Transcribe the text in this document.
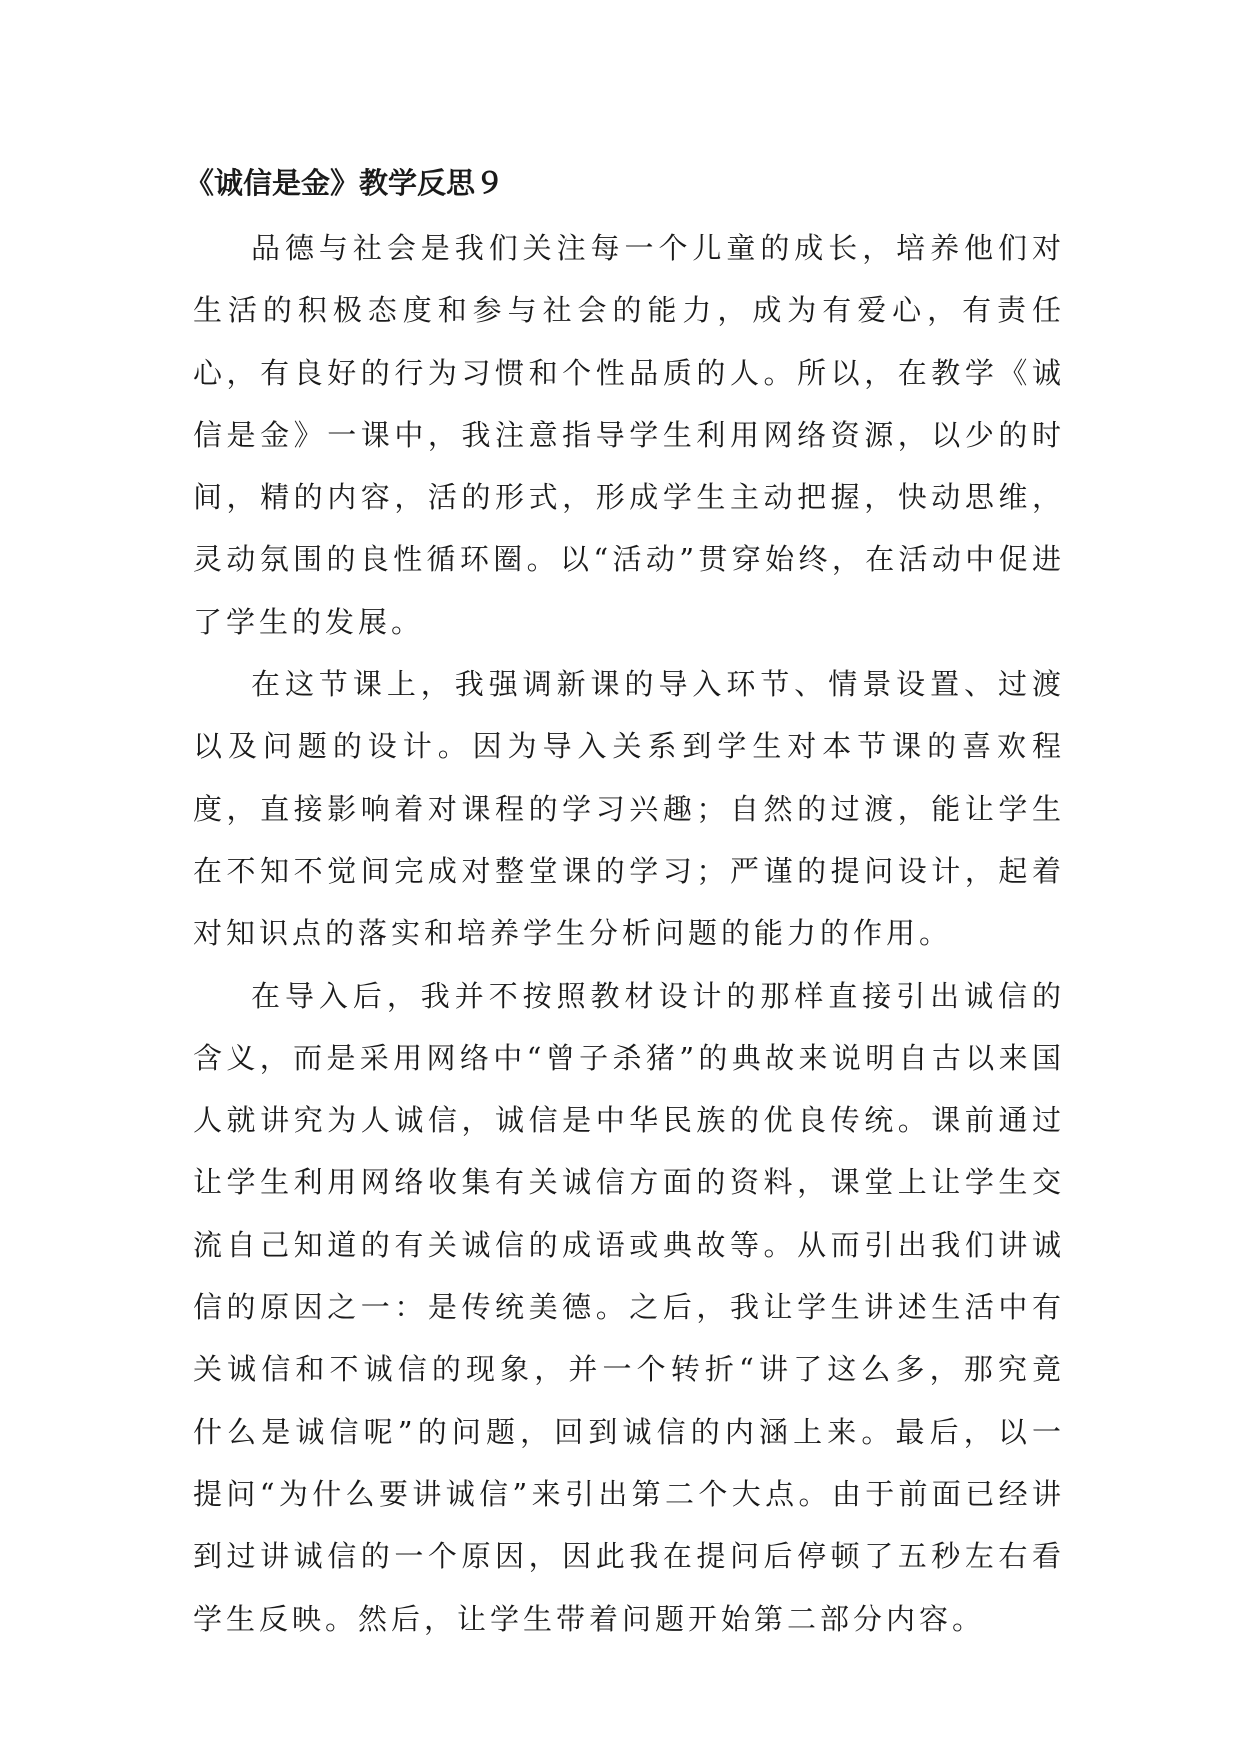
《诚信是金》教学反思９

品德与社会是我们关注每一个儿童的成长，培养他们对生活的积极态度和参与社会的能力，成为有爱心，有责任心，有良好的行为习惯和个性品质的人。所以，在教学《诚信是金》一课中，我注意指导学生利用网络资源，以少的时间，精的内容，活的形式，形成学生主动把握，快动思维，灵动氛围的良性循环圈。以“活动”贯穿始终，在活动中促进了学生的发展。

在这节课上，我强调新课的导入环节、情景设置、过渡以及问题的设计。因为导入关系到学生对本节课的喜欢程度，直接影响着对课程的学习兴趣；自然的过渡，能让学生在不知不觉间完成对整堂课的学习；严谨的提问设计，起着对知识点的落实和培养学生分析问题的能力的作用。

在导入后，我并不按照教材设计的那样直接引出诚信的含义，而是采用网络中“曾子杀猪”的典故来说明自古以来国人就讲究为人诚信，诚信是中华民族的优良传统。课前通过让学生利用网络收集有关诚信方面的资料，课堂上让学生交流自己知道的有关诚信的成语或典故等。从而引出我们讲诚信的原因之一：是传统美德。之后，我让学生讲述生活中有关诚信和不诚信的现象，并一个转折“讲了这么多，那究竟什么是诚信呢”的问题，回到诚信的内涵上来。最后，以一提问“为什么要讲诚信”来引出第二个大点。由于前面已经讲到过讲诚信的一个原因，因此我在提问后停顿了五秒左右看学生反映。然后，让学生带着问题开始第二部分内容。
